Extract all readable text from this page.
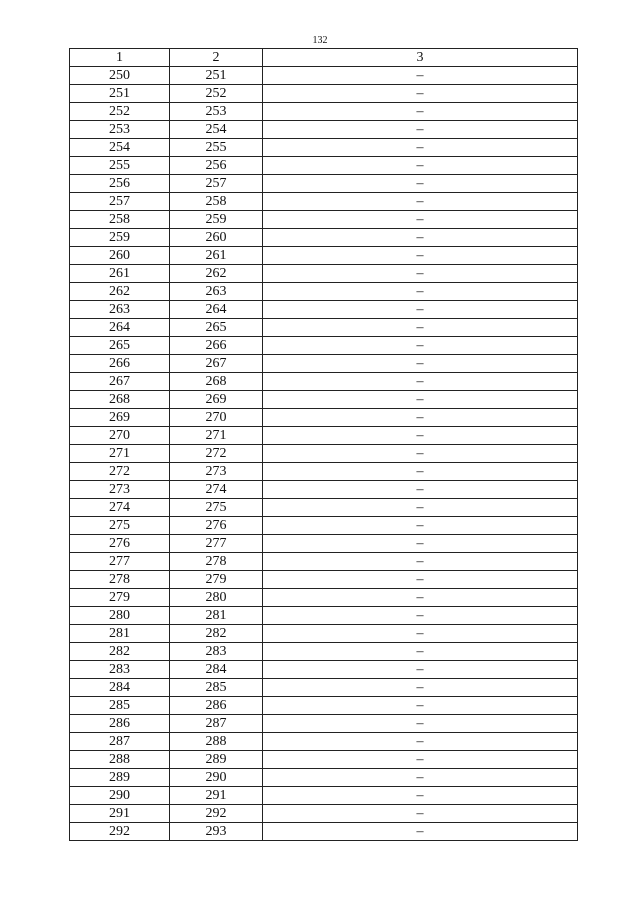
132
1	2	3
250	251	–
251	252	–
252	253	–
253	254	–
254	255	–
255	256	–
256	257	–
257	258	–
258	259	–
259	260	–
260	261	–
261	262	–
262	263	–
263	264	–
264	265	–
265	266	–
266	267	–
267	268	–
268	269	–
269	270	–
270	271	–
271	272	–
272	273	–
273	274	–
274	275	–
275	276	–
276	277	–
277	278	–
278	279	–
279	280	–
280	281	–
281	282	–
282	283	–
283	284	–
284	285	–
285	286	–
286	287	–
287	288	–
288	289	–
289	290	–
290	291	–
291	292	–
292	293	–
